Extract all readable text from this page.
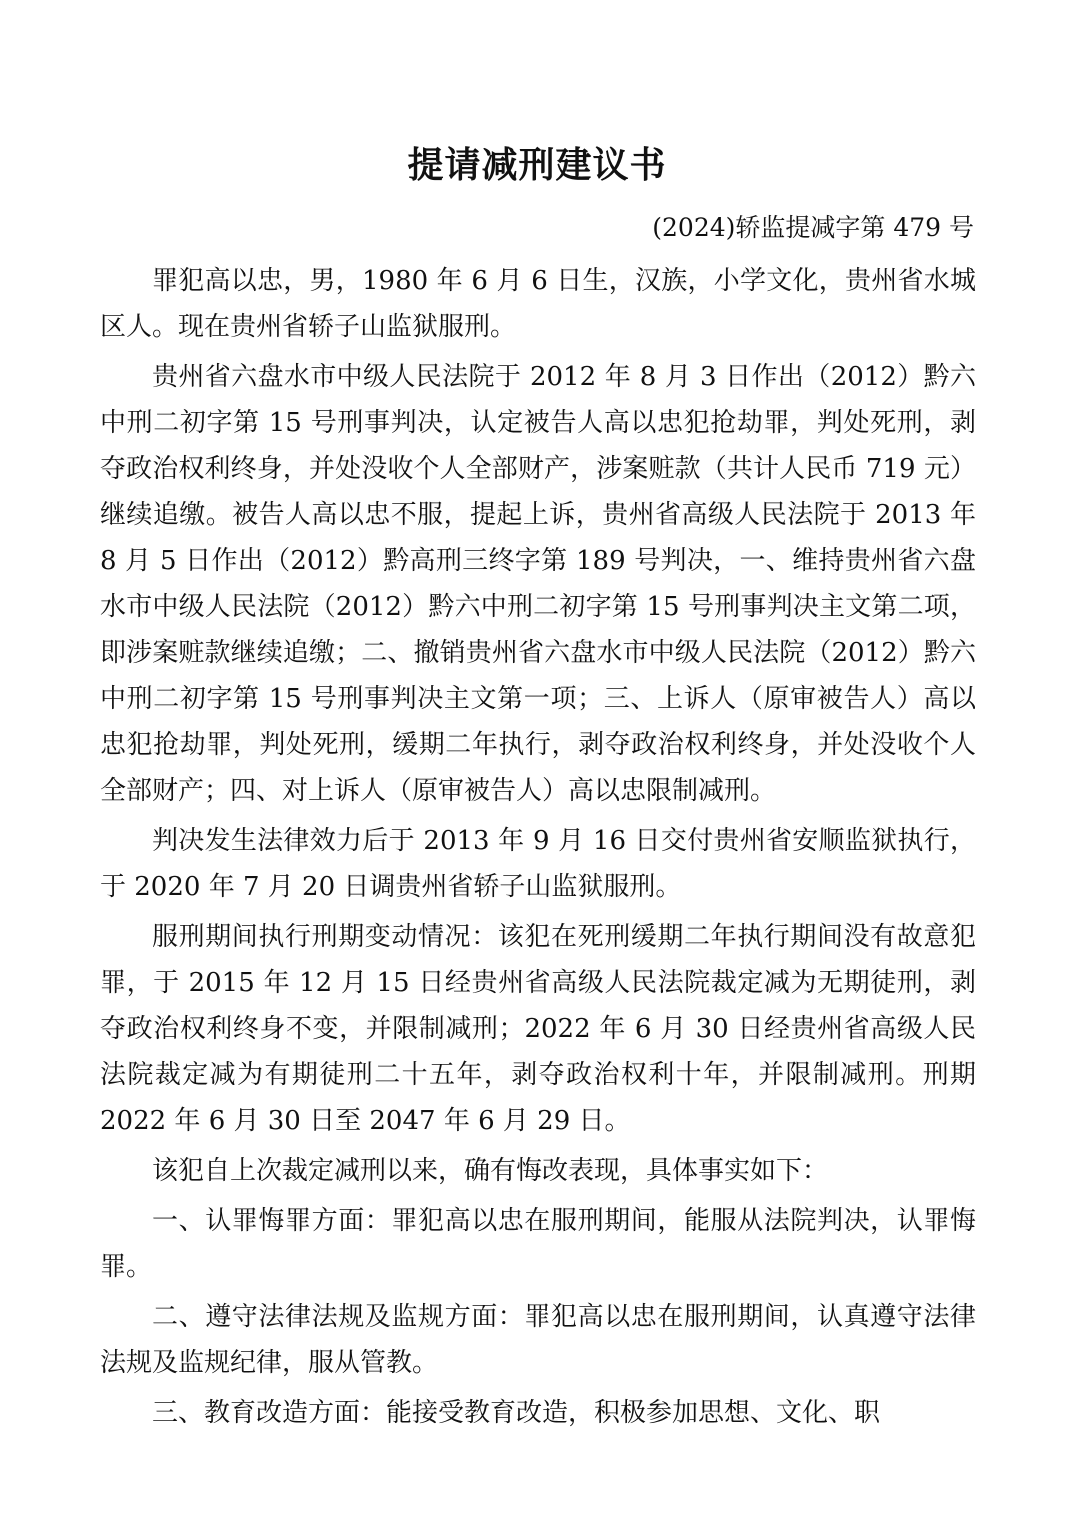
提请减刑建议书
(2024)轿监提减字第 479 号

罪犯高以忠，男，1980 年 6 月 6 日生，汉族，小学文化，贵州省水城区人。现在贵州省轿子山监狱服刑。

贵州省六盘水市中级人民法院于 2012 年 8 月 3 日作出（2012）黔六中刑二初字第 15 号刑事判决，认定被告人高以忠犯抢劫罪，判处死刑，剥夺政治权利终身，并处没收个人全部财产，涉案赃款（共计人民币 719 元）继续追缴。被告人高以忠不服，提起上诉，贵州省高级人民法院于 2013 年 8 月 5 日作出（2012）黔高刑三终字第 189 号判决，一、维持贵州省六盘水市中级人民法院（2012）黔六中刑二初字第 15 号刑事判决主文第二项，即涉案赃款继续追缴；二、撤销贵州省六盘水市中级人民法院（2012）黔六中刑二初字第 15 号刑事判决主文第一项；三、上诉人（原审被告人）高以忠犯抢劫罪，判处死刑，缓期二年执行，剥夺政治权利终身，并处没收个人全部财产；四、对上诉人（原审被告人）高以忠限制减刑。

判决发生法律效力后于 2013 年 9 月 16 日交付贵州省安顺监狱执行，于 2020 年 7 月 20 日调贵州省轿子山监狱服刑。

服刑期间执行刑期变动情况：该犯在死刑缓期二年执行期间没有故意犯罪，于 2015 年 12 月 15 日经贵州省高级人民法院裁定减为无期徒刑，剥夺政治权利终身不变，并限制减刑；2022 年 6 月 30 日经贵州省高级人民法院裁定减为有期徒刑二十五年，剥夺政治权利十年，并限制减刑。刑期 2022 年 6 月 30 日至 2047 年 6 月 29 日。

该犯自上次裁定减刑以来，确有悔改表现，具体事实如下：

一、认罪悔罪方面：罪犯高以忠在服刑期间，能服从法院判决，认罪悔罪。

二、遵守法律法规及监规方面：罪犯高以忠在服刑期间，认真遵守法律法规及监规纪律，服从管教。

三、教育改造方面：能接受教育改造，积极参加思想、文化、职
